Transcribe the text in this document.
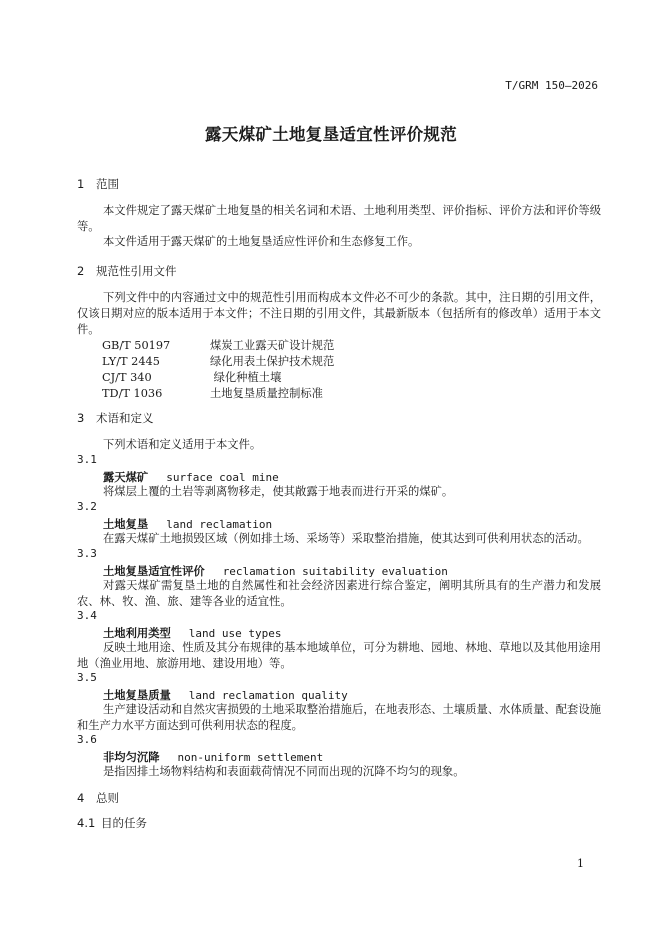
T/GRM 150—2026
露天煤矿土地复垦适宜性评价规范
1 范围

本文件规定了露天煤矿土地复垦的相关名词和术语、土地利用类型、评价指标、评价方法和评价等级等。

本文件适用于露天煤矿的土地复垦适应性评价和生态修复工作。

2 规范性引用文件

下列文件中的内容通过文中的规范性引用而构成本文件必不可少的条款。其中，注日期的引用文件，仅该日期对应的版本适用于本文件；不注日期的引用文件，其最新版本（包括所有的修改单）适用于本文件。

GB/T 50197	煤炭工业露天矿设计规范
LY/T 2445	绿化用表土保护技术规范
CJ/T 340	绿化种植土壤
TD/T 1036	土地复垦质量控制标准
3 术语和定义

下列术语和定义适用于本文件。

3.1
露天煤矿 surface coal mine

将煤层上覆的土岩等剥离物移走，使其敞露于地表而进行开采的煤矿。

3.2
土地复垦 land reclamation

在露天煤矿土地损毁区域（例如排土场、采场等）采取整治措施，使其达到可供利用状态的活动。

3.3
土地复垦适宜性评价 reclamation suitability evaluation

对露天煤矿需复垦土地的自然属性和社会经济因素进行综合鉴定，阐明其所具有的生产潜力和发展农、林、牧、渔、旅、建等各业的适宜性。

3.4
土地利用类型 land use types

反映土地用途、性质及其分布规律的基本地域单位，可分为耕地、园地、林地、草地以及其他用途用地（渔业用地、旅游用地、建设用地）等。

3.5
土地复垦质量 land reclamation quality

生产建设活动和自然灾害损毁的土地采取整治措施后，在地表形态、土壤质量、水体质量、配套设施和生产力水平方面达到可供利用状态的程度。

3.6
非均匀沉降 non-uniform settlement

是指因排土场物料结构和表面载荷情况不同而出现的沉降不均匀的现象。

4 总则
4.1 目的任务
1
